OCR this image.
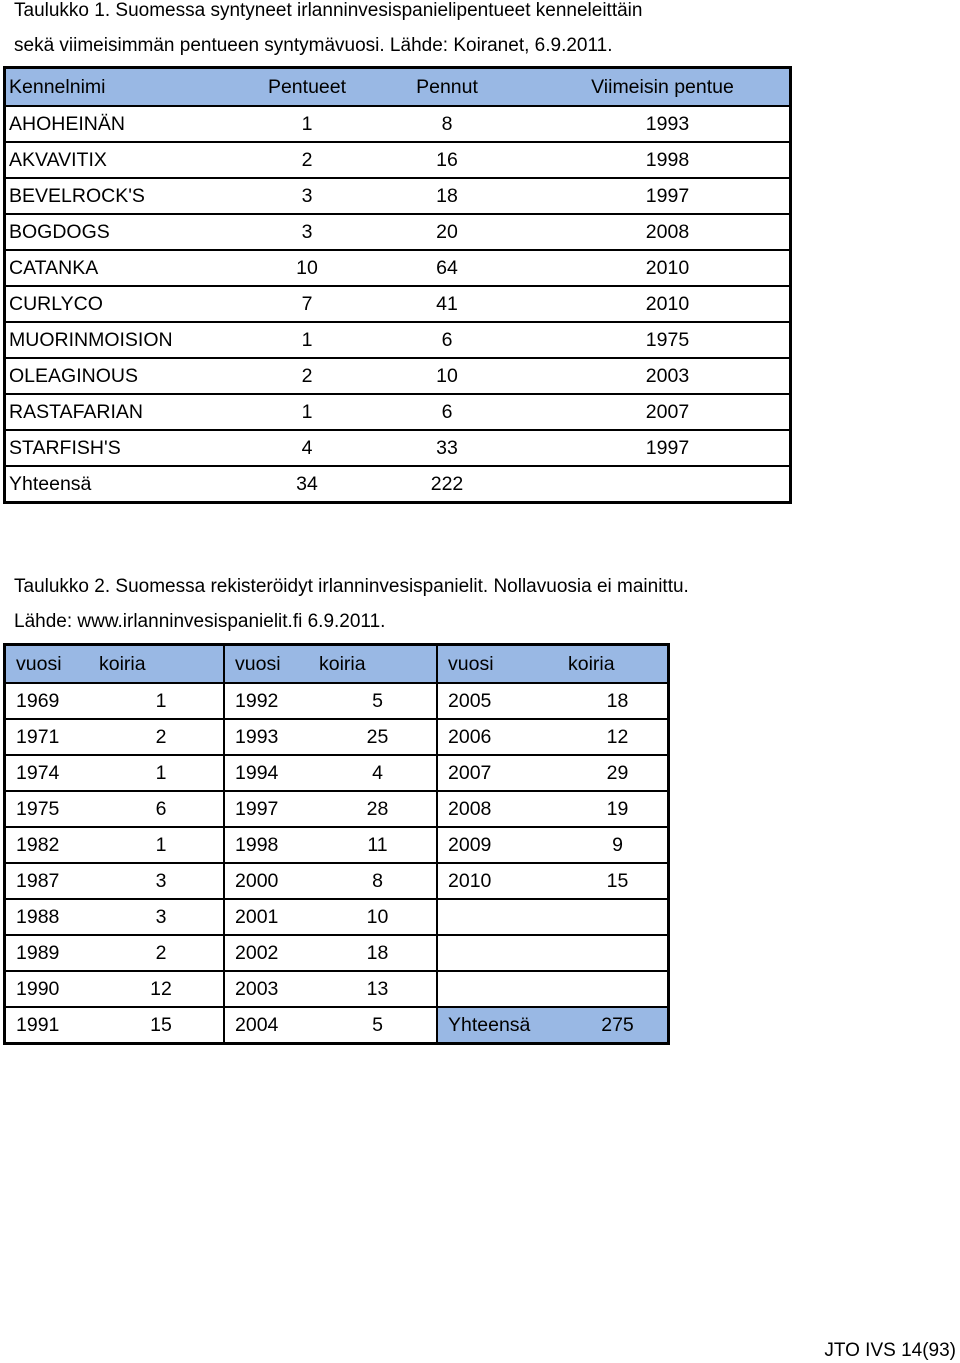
Taulukko 1. Suomessa syntyneet irlanninvesispanielipentueet kenneleittäin
sekä viimeisimmän pentueen syntymävuosi. Lähde: Koiranet, 6.9.2011.
Kennelnimi	Pentueet	Pennut	Viimeisin pentue
AHOHEINÄN	1	8	1993
AKVAVITIX	2	16	1998
BEVELROCK'S	3	18	1997
BOGDOGS	3	20	2008
CATANKA	10	64	2010
CURLYCO	7	41	2010
MUORINMOISION	1	6	1975
OLEAGINOUS	2	10	2003
RASTAFARIAN	1	6	2007
STARFISH'S	4	33	1997
Yhteensä	34	222	
Taulukko 2. Suomessa rekisteröidyt irlanninvesispanielit. Nollavuosia ei mainittu.
Lähde: www.irlanninvesispanielit.fi 6.9.2011.
vuosi	koiria	vuosi	koiria	vuosi	koiria
1969	1	1992	5	2005	18
1971	2	1993	25	2006	12
1974	1	1994	4	2007	29
1975	6	1997	28	2008	19
1982	1	1998	11	2009	9
1987	3	2000	8	2010	15
1988	3	2001	10		
1989	2	2002	18		
1990	12	2003	13		
1991	15	2004	5	Yhteensä	275
JTO IVS 14(93)
